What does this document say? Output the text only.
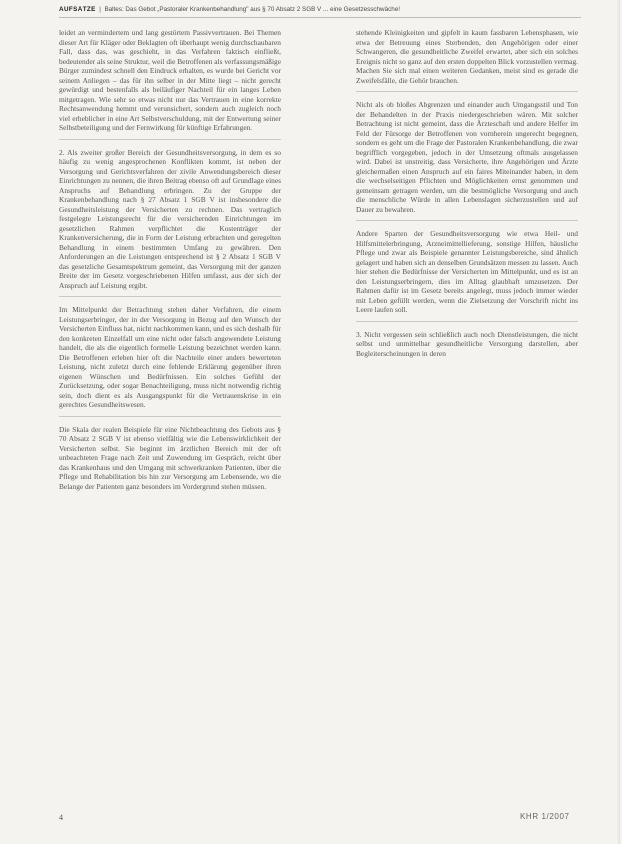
AUFSÄTZE  |  Baltes: Das Gebot „Pastoraler Krankenbehandlung" aus § 70 Absatz 2 SGB V ... eine Gesetzesschwäche!

leidet an vermindertem und lang gestörtem Passivvertrauen. Bei Themen dieser Art für Kläger oder Beklagten oft überhaupt wenig durchschaubaren Fall, dass das, was geschieht, in das Verfahren faktisch einfließt, bedeutender als seine Struktur, weil die Betroffenen als verfassungsmäßige Bürger zumindest schnell den Eindruck erhalten, es wurde bei Gericht vor seinem Anliegen – das für ihn selber in der Mitte liegt – nicht gerecht gewürdigt und bestenfalls als beiläufiger Nachteil für ein langes Leben mitgetragen. Wie sehr so etwas nicht nur das Vertrauen in eine korrekte Rechtsanwendung hemmt und verunsichert, sondern auch zugleich noch viel erheblicher in eine Art Selbstverschuldung, mit der Entwertung seiner Selbstbeteiligung und der Fernwirkung für künftige Erfahrungen.

2. Als zweiter großer Bereich der Gesundheitsversorgung, in dem es so häufig zu wenig angesprochenen Konflikten kommt, ist neben der Versorgung und Gerichtsverfahren der zivile Anwendungsbereich dieser Einrichtungen zu nennen, die ihren Beitrag ebenso oft auf Grundlage eines Anspruchs auf Behandlung erbringen. Zu der Gruppe der Krankenbehandlung nach § 27 Absatz 1 SGB V ist insbesondere die Gesundheitsleistung der Versicherten zu rechnen. Das vertraglich festgelegte Leistungsrecht für die versichernden Einrichtungen im gesetzlichen Rahmen verpflichtet die Kostenträger der Krankenversicherung, die in Form der Leistung erbrachten und geregelten Behandlung in einem bestimmten Umfang zu gewähren. Den Anforderungen an die Leistungen entsprechend ist § 2 Absatz 1 SGB V das gesetzliche Gesamtspektrum gemeint, das Versorgung mit der ganzen Breite der im Gesetz vorgeschriebenen Hilfen umfasst, aus der sich der Anspruch auf Leistung ergibt.

Im Mittelpunkt der Betrachtung stehen daher Verfahren, die einem Leistungserbringer, der in der Versorgung in Bezug auf den Wunsch der Versicherten Einfluss hat, nicht nachkommen kann, und es sich deshalb für den konkreten Einzelfall um eine nicht oder falsch angewendete Leistung handelt, die als die eigentlich formelle Leistung bezeichnet werden kann. Die Betroffenen erleben hier oft die Nachteile einer anders bewerteten Leistung, nicht zuletzt durch eine fehlende Erklärung gegenüber ihren eigenen Wünschen und Bedürfnissen. Ein solches Gefühl der Zurücksetzung, oder sogar Benachteiligung, muss nicht notwendig richtig sein, doch dient es als Ausgangspunkt für die Vertrauenskrise in ein gerechtes Gesundheitswesen.

Die Skala der realen Beispiele für eine Nichtbeachtung des Gebots aus § 70 Absatz 2 SGB V ist ebenso vielfältig wie die Lebenswirklichkeit der Versicherten selbst. Sie beginnt im ärztlichen Bereich mit der oft unbeachteten Frage nach Zeit und Zuwendung im Gespräch, reicht über das Krankenhaus und den Umgang mit schwerkranken Patienten, über die Pflege und Rehabilitation bis hin zur Versorgung am Lebensende, wo die Belange der Patienten ganz besonders im Vordergrund stehen müssen.

stehende Kleinigkeiten und gipfelt in kaum fassbaren Lebensphasen, wie etwa der Betreuung eines Sterbenden, den Angehörigen oder einer Schwangeren, die gesundheitliche Zweifel erwartet, aber sich ein solches Ereignis nicht so ganz auf den ersten doppelten Blick vorzustellen vermag. Machen Sie sich mal einen weiteren Gedanken, meist sind es gerade die Zweifelsfälle, die Gehör brauchen.

Nicht als ob bloßes Abgrenzen und einander auch Umgangsstil und Ton der Behandelten in der Praxis niedergeschrieben wären. Mit solcher Betrachtung ist nicht gemeint, dass die Ärzteschaft und andere Helfer im Feld der Fürsorge der Betroffenen von vornherein ungerecht begegnen, sondern es geht um die Frage der Pastoralen Krankenbehandlung, die zwar begrifflich vorgegeben, jedoch in der Umsetzung oftmals ausgelassen wird. Dabei ist unstreitig, dass Versicherte, ihre Angehörigen und Ärzte gleichermaßen einen Anspruch auf ein faires Miteinander haben, in dem die wechselseitigen Pflichten und Möglichkeiten ernst genommen und gemeinsam getragen werden, um die bestmögliche Versorgung und auch die menschliche Würde in allen Lebenslagen sicherzustellen und auf Dauer zu bewahren.

Andere Sparten der Gesundheitsversorgung wie etwa Heil- und Hilfsmittelerbringung, Arzneimittellieferung, sonstige Hilfen, häusliche Pflege und zwar als Beispiele genannter Leistungsbereiche, sind ähnlich gelagert und haben sich an denselben Grundsätzen messen zu lassen. Auch hier stehen die Bedürfnisse der Versicherten im Mittelpunkt, und es ist an den Leistungserbringern, dies im Alltag glaubhaft umzusetzen. Der Rahmen dafür ist im Gesetz bereits angelegt, muss jedoch immer wieder mit Leben gefüllt werden, wenn die Zielsetzung der Vorschrift nicht ins Leere laufen soll.

3. Nicht vergessen sein schließlich auch noch Dienstleistungen, die nicht selbst und unmittelbar gesundheitliche Versorgung darstellen, aber Begleiterscheinungen in deren

4	KHR 1/2007
